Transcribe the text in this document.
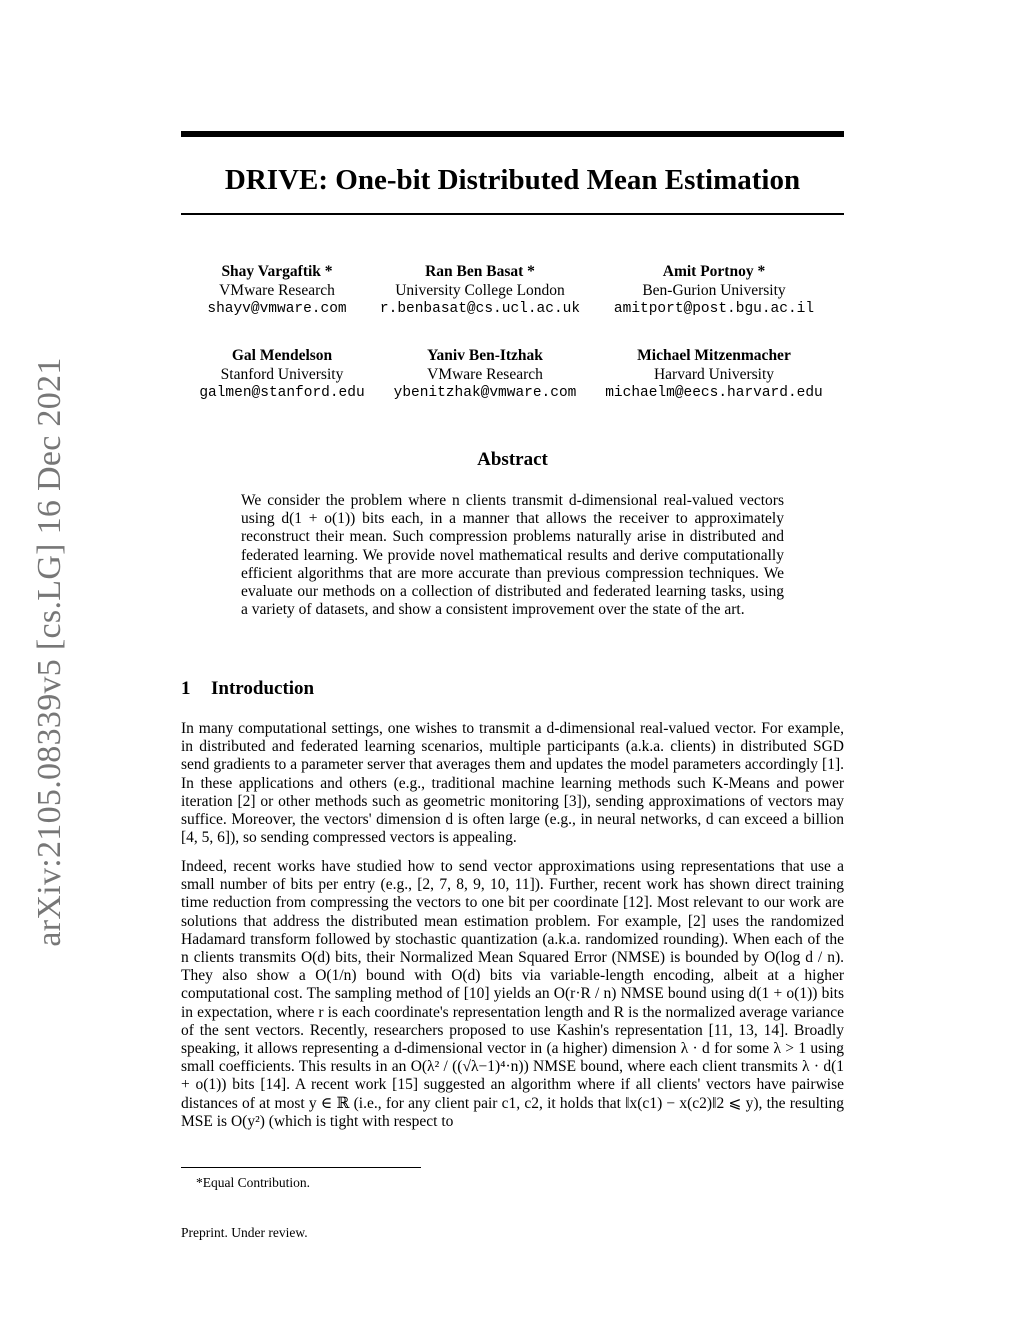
arXiv:2105.08339v5 [cs.LG] 16 Dec 2021
DRIVE: One-bit Distributed Mean Estimation
Shay Vargaftik *
VMware Research
shayv@vmware.com
Ran Ben Basat *
University College London
r.benbasat@cs.ucl.ac.uk
Amit Portnoy *
Ben-Gurion University
amitport@post.bgu.ac.il
Gal Mendelson
Stanford University
galmen@stanford.edu
Yaniv Ben-Itzhak
VMware Research
ybenitzhak@vmware.com
Michael Mitzenmacher
Harvard University
michaelm@eecs.harvard.edu
Abstract
We consider the problem where n clients transmit d-dimensional real-valued vectors using d(1 + o(1)) bits each, in a manner that allows the receiver to approximately reconstruct their mean. Such compression problems naturally arise in distributed and federated learning. We provide novel mathematical results and derive computationally efficient algorithms that are more accurate than previous compression techniques. We evaluate our methods on a collection of distributed and federated learning tasks, using a variety of datasets, and show a consistent improvement over the state of the art.
1 Introduction
In many computational settings, one wishes to transmit a d-dimensional real-valued vector. For example, in distributed and federated learning scenarios, multiple participants (a.k.a. clients) in distributed SGD send gradients to a parameter server that averages them and updates the model parameters accordingly [1]. In these applications and others (e.g., traditional machine learning methods such K-Means and power iteration [2] or other methods such as geometric monitoring [3]), sending approximations of vectors may suffice. Moreover, the vectors' dimension d is often large (e.g., in neural networks, d can exceed a billion [4, 5, 6]), so sending compressed vectors is appealing.
Indeed, recent works have studied how to send vector approximations using representations that use a small number of bits per entry (e.g., [2, 7, 8, 9, 10, 11]). Further, recent work has shown direct training time reduction from compressing the vectors to one bit per coordinate [12]. Most relevant to our work are solutions that address the distributed mean estimation problem. For example, [2] uses the randomized Hadamard transform followed by stochastic quantization (a.k.a. randomized rounding). When each of the n clients transmits O(d) bits, their Normalized Mean Squared Error (NMSE) is bounded by O(log d / n). They also show a O(1/n) bound with O(d) bits via variable-length encoding, albeit at a higher computational cost. The sampling method of [10] yields an O(r·R / n) NMSE bound using d(1 + o(1)) bits in expectation, where r is each coordinate's representation length and R is the normalized average variance of the sent vectors. Recently, researchers proposed to use Kashin's representation [11, 13, 14]. Broadly speaking, it allows representing a d-dimensional vector in (a higher) dimension λ · d for some λ > 1 using small coefficients. This results in an O(λ² / ((√λ−1)⁴·n)) NMSE bound, where each client transmits λ · d(1 + o(1)) bits [14]. A recent work [15] suggested an algorithm where if all clients' vectors have pairwise distances of at most y ∈ ℝ (i.e., for any client pair c1, c2, it holds that ‖x(c1) − x(c2)‖2 ⩽ y), the resulting MSE is O(y²) (which is tight with respect to
*Equal Contribution.
Preprint. Under review.
